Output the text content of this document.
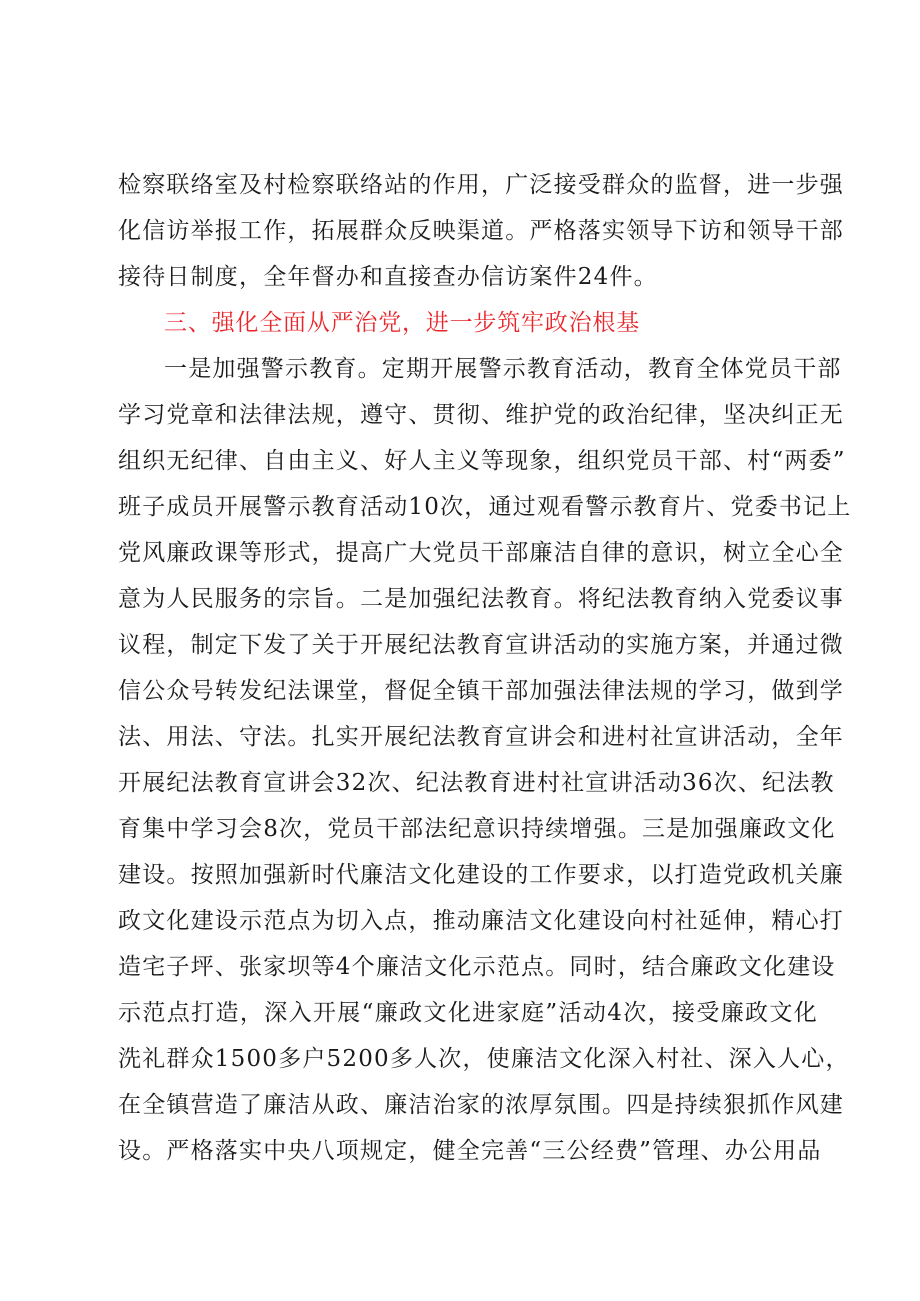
检察联络室及村检察联络站的作用，广泛接受群众的监督，进一步强
化信访举报工作，拓展群众反映渠道。严格落实领导下访和领导干部
接待日制度，全年督办和直接查办信访案件24件。
三、强化全面从严治党，进一步筑牢政治根基
一是加强警示教育。定期开展警示教育活动，教育全体党员干部
学习党章和法律法规，遵守、贯彻、维护党的政治纪律，坚决纠正无
组织无纪律、自由主义、好人主义等现象，组织党员干部、村“两委”
班子成员开展警示教育活动10次，通过观看警示教育片、党委书记上
党风廉政课等形式，提高广大党员干部廉洁自律的意识，树立全心全
意为人民服务的宗旨。二是加强纪法教育。将纪法教育纳入党委议事
议程，制定下发了关于开展纪法教育宣讲活动的实施方案，并通过微
信公众号转发纪法课堂，督促全镇干部加强法律法规的学习，做到学
法、用法、守法。扎实开展纪法教育宣讲会和进村社宣讲活动，全年
开展纪法教育宣讲会32次、纪法教育进村社宣讲活动36次、纪法教
育集中学习会8次，党员干部法纪意识持续增强。三是加强廉政文化
建设。按照加强新时代廉洁文化建设的工作要求，以打造党政机关廉
政文化建设示范点为切入点，推动廉洁文化建设向村社延伸，精心打
造宅子坪、张家坝等4个廉洁文化示范点。同时，结合廉政文化建设
示范点打造，深入开展“廉政文化进家庭”活动4次，接受廉政文化
洗礼群众1500多户5200多人次，使廉洁文化深入村社、深入人心，
在全镇营造了廉洁从政、廉洁治家的浓厚氛围。四是持续狠抓作风建
设。严格落实中央八项规定，健全完善“三公经费”管理、办公用品
